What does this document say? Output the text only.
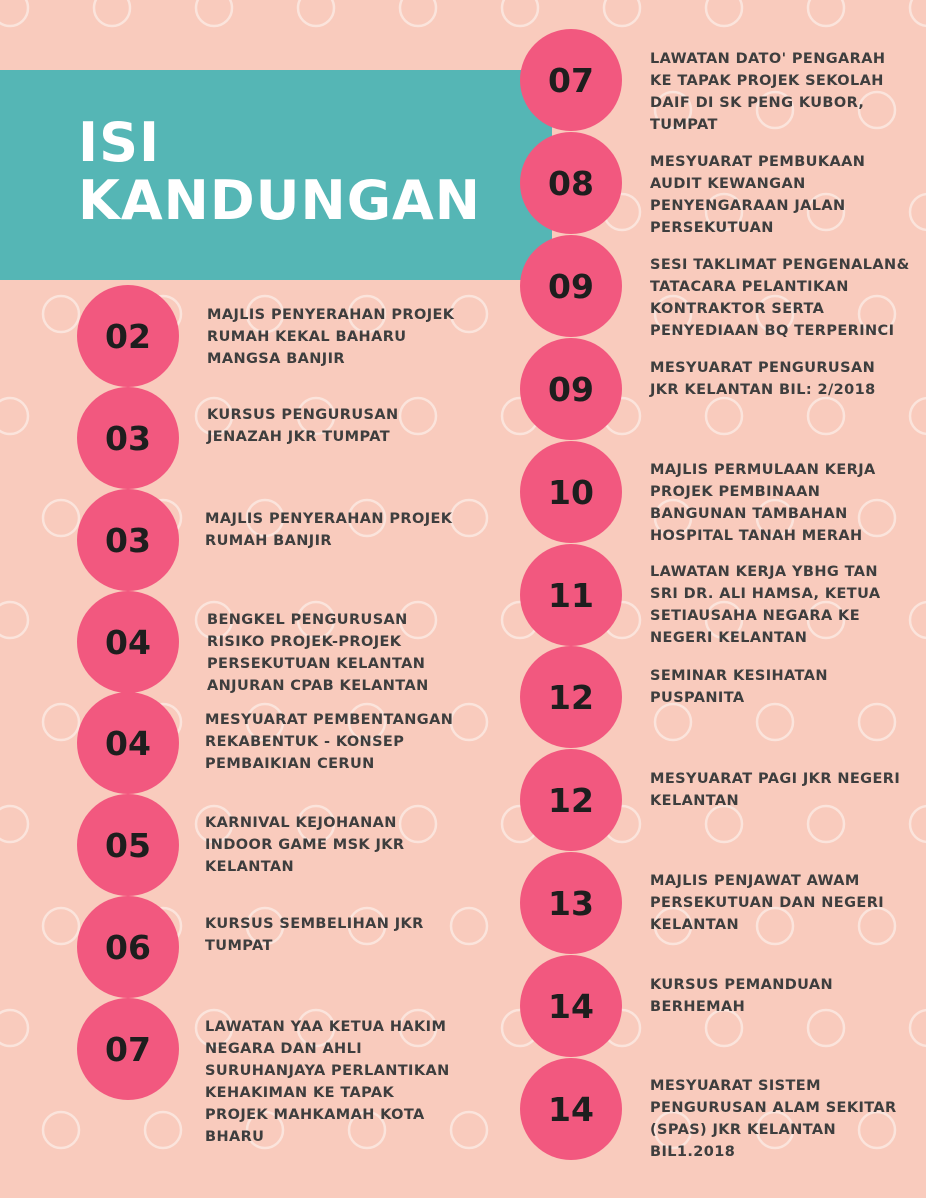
ISI
KANDUNGAN
02

MAJLIS PENYERAHAN PROJEK
RUMAH KEKAL BAHARU
MANGSA BANJIR

03

KURSUS PENGURUSAN
JENAZAH JKR TUMPAT

03

MAJLIS PENYERAHAN PROJEK
RUMAH BANJIR

04

BENGKEL PENGURUSAN
RISIKO PROJEK-PROJEK
PERSEKUTUAN KELANTAN
ANJURAN CPAB KELANTAN

04

MESYUARAT PEMBENTANGAN
REKABENTUK - KONSEP
PEMBAIKIAN CERUN

05

KARNIVAL KEJOHANAN
INDOOR GAME MSK JKR
KELANTAN

06

KURSUS SEMBELIHAN JKR
TUMPAT

07

LAWATAN YAA KETUA HAKIM
NEGARA DAN AHLI
SURUHANJAYA PERLANTIKAN
KEHAKIMAN KE TAPAK
PROJEK MAHKAMAH KOTA
BHARU

07

LAWATAN DATO' PENGARAH
KE TAPAK PROJEK SEKOLAH
DAIF DI SK PENG KUBOR,
TUMPAT

08

MESYUARAT PEMBUKAAN
AUDIT KEWANGAN
PENYENGARAAN JALAN
PERSEKUTUAN

09

SESI TAKLIMAT PENGENALAN&
TATACARA PELANTIKAN
KONTRAKTOR SERTA
PENYEDIAAN BQ TERPERINCI

09

MESYUARAT PENGURUSAN
JKR KELANTAN BIL: 2/2018

10

MAJLIS PERMULAAN KERJA
PROJEK PEMBINAAN
BANGUNAN TAMBAHAN
HOSPITAL TANAH MERAH

11

LAWATAN KERJA YBHG TAN
SRI DR. ALI HAMSA, KETUA
SETIAUSAHA NEGARA KE
NEGERI KELANTAN

12

SEMINAR KESIHATAN
PUSPANITA

12

MESYUARAT PAGI JKR NEGERI
KELANTAN

13

MAJLIS PENJAWAT AWAM
PERSEKUTUAN DAN NEGERI
KELANTAN

14

KURSUS PEMANDUAN
BERHEMAH

14

MESYUARAT SISTEM
PENGURUSAN ALAM SEKITAR
(SPAS) JKR KELANTAN
BIL1.2018
